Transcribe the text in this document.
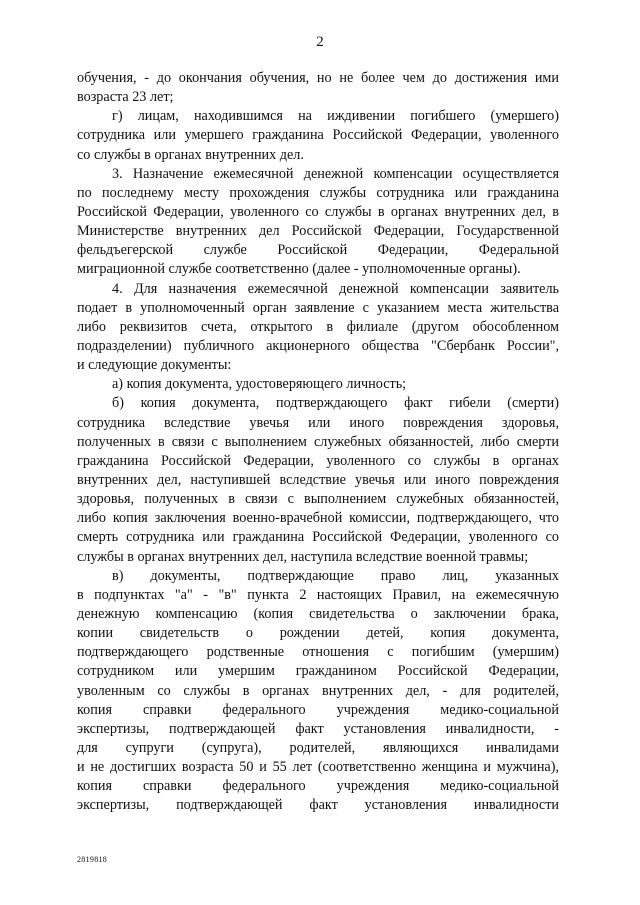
2
обучения, - до окончания обучения, но не более чем до достижения ими
возраста 23 лет;
г) лицам, находившимся на иждивении погибшего (умершего)
сотрудника или умершего гражданина Российской Федерации, уволенного
со службы в органах внутренних дел.
3. Назначение ежемесячной денежной компенсации осуществляется
по последнему месту прохождения службы сотрудника или гражданина
Российской Федерации, уволенного со службы в органах внутренних дел, в
Министерстве внутренних дел Российской Федерации, Государственной
фельдъегерской службе Российской Федерации, Федеральной
миграционной службе соответственно (далее - уполномоченные органы).
4. Для назначения ежемесячной денежной компенсации заявитель
подает в уполномоченный орган заявление с указанием места жительства
либо реквизитов счета, открытого в филиале (другом обособленном
подразделении) публичного акционерного общества "Сбербанк России",
и следующие документы:
а) копия документа, удостоверяющего личность;
б) копия документа, подтверждающего факт гибели (смерти)
сотрудника вследствие увечья или иного повреждения здоровья,
полученных в связи с выполнением служебных обязанностей, либо смерти
гражданина Российской Федерации, уволенного со службы в органах
внутренних дел, наступившей вследствие увечья или иного повреждения
здоровья, полученных в связи с выполнением служебных обязанностей,
либо копия заключения военно-врачебной комиссии, подтверждающего, что
смерть сотрудника или гражданина Российской Федерации, уволенного со
службы в органах внутренних дел, наступила вследствие военной травмы;
в) документы, подтверждающие право лиц, указанных
в подпунктах "а" - "в" пункта 2 настоящих Правил, на ежемесячную
денежную компенсацию (копия свидетельства о заключении брака,
копии свидетельств о рождении детей, копия документа,
подтверждающего родственные отношения с погибшим (умершим)
сотрудником или умершим гражданином Российской Федерации,
уволенным со службы в органах внутренних дел, - для родителей,
копия справки федерального учреждения медико-социальной
экспертизы, подтверждающей факт установления инвалидности, -
для супруги (супруга), родителей, являющихся инвалидами
и не достигших возраста 50 и 55 лет (соответственно женщина и мужчина),
копия справки федерального учреждения медико-социальной
экспертизы, подтверждающей факт установления инвалидности
2819818
